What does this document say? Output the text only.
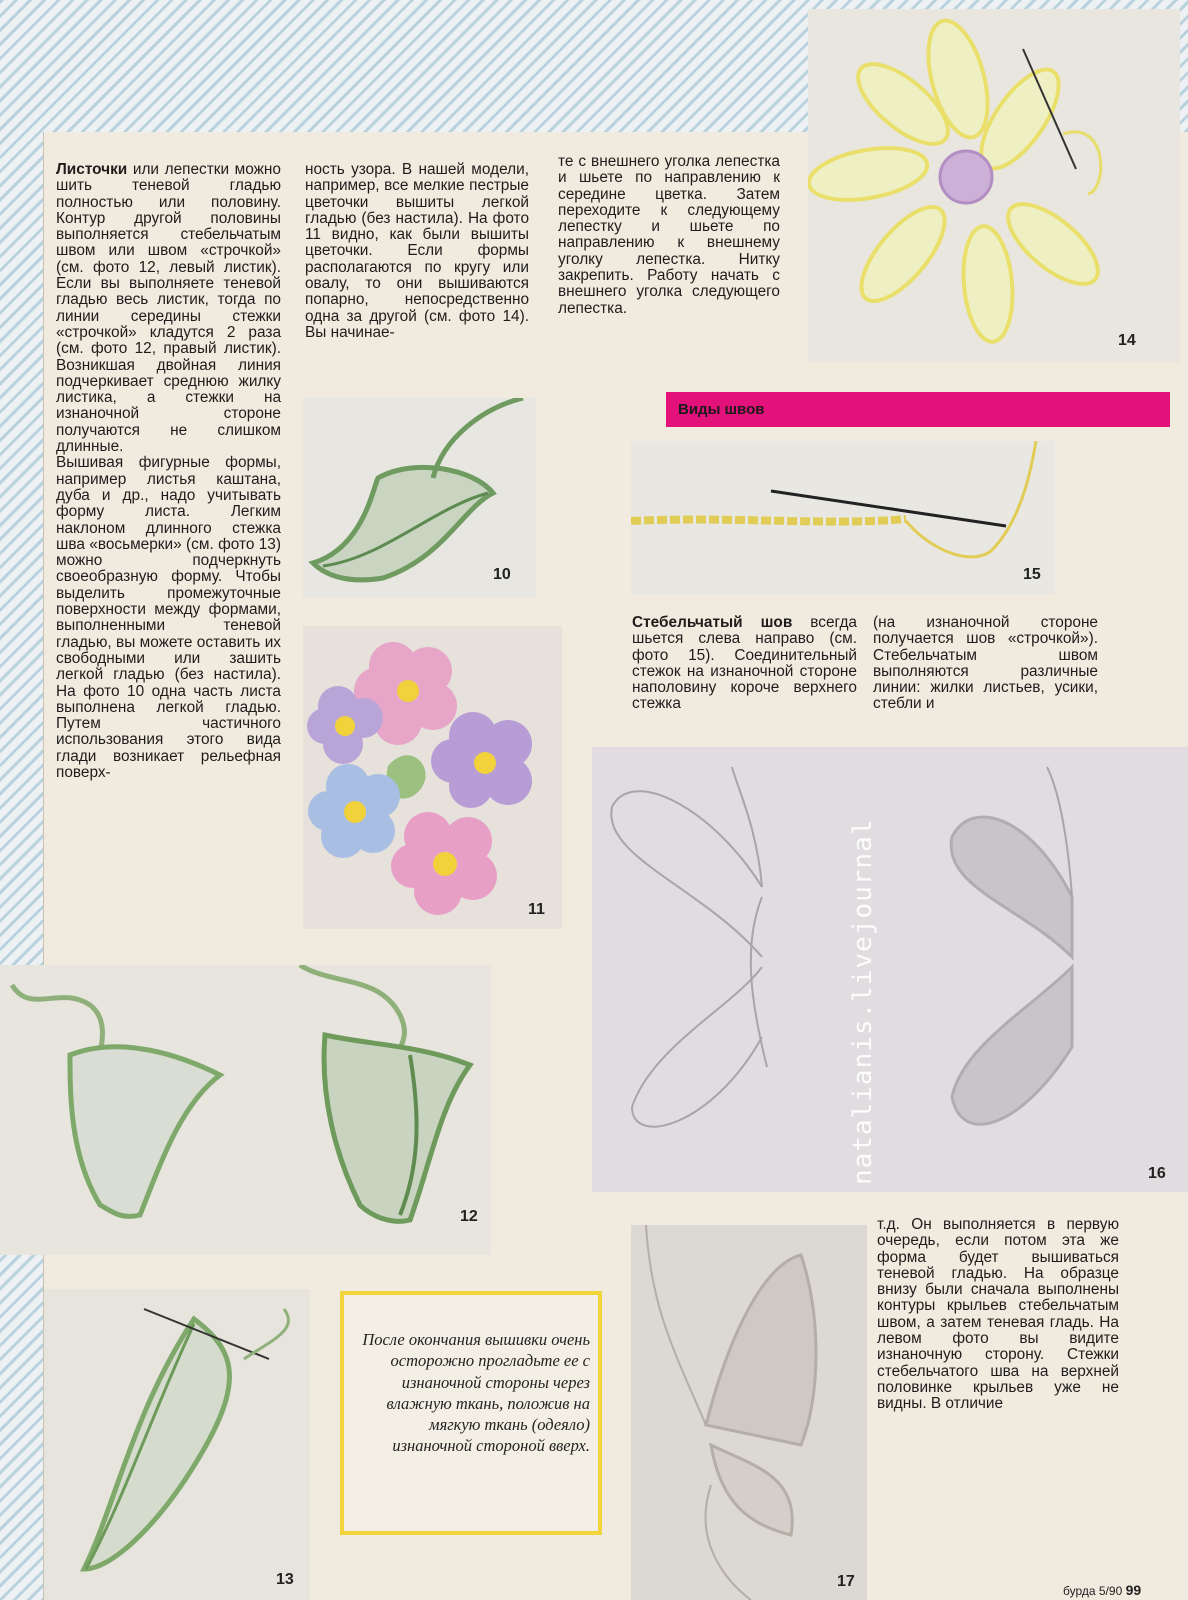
Листочки или лепестки можно шить теневой гладью полностью или половину. Контур другой половины выполняется стебельчатым швом или швом «строчкой» (см. фото 12, левый листик). Если вы выполняете теневой гладью весь листик, тогда по линии середины стежки «строчкой» кладутся 2 раза (см. фото 12, правый листик). Возникшая двойная линия подчеркивает среднюю жилку листика, а стежки на изнаночной стороне получаются не слишком длинные.

Вышивая фигурные формы, например листья каштана, дуба и др., надо учитывать форму листа. Легким наклоном длинного стежка шва «восьмерки» (см. фото 13) можно подчеркнуть своеобразную форму. Чтобы выделить промежуточные поверхности между формами, выполненными теневой гладью, вы можете оставить их свободными или зашить легкой гладью (без настила). На фото 10 одна часть листа выполнена легкой гладью. Путем частичного использования этого вида глади возникает рельефная поверх-

ность узора. В нашей модели, например, все мелкие пестрые цветочки вышиты легкой гладью (без настила). На фото 11 видно, как были вышиты цветочки. Если формы располагаются по кругу или овалу, то они вышиваются попарно, непосредственно одна за другой (см. фото 14). Вы начинае-

те с внешнего уголка лепестка и шьете по направлению к середине цветка. Затем переходите к следующему лепестку и шьете по направлению к внешнему уголку лепестка. Нитку закрепить. Работу начать с внешнего уголка следующего лепестка.

14
10
11
12
13

После окончания вышивки очень осторожно прогладьте ее с изнаночной стороны через влажную ткань, положив на мягкую ткань (одеяло) изнаночной стороной вверх.

Виды швов
15

Стебельчатый шов всегда шьется слева направо (см. фото 15). Соединительный стежок на изнаночной стороне наполовину короче верхнего стежка

(на изнаночной стороне получается шов «строчкой»). Стебельчатым швом выполняются различные линии: жилки листьев, усики, стебли и

16
natalianis.livejournal
17

т.д. Он выполняется в первую очередь, если потом эта же форма будет вышиваться теневой гладью. На образце внизу были сначала выполнены контуры крыльев стебельчатым швом, а затем теневая гладь. На левом фото вы видите изнаночную сторону. Стежки стебельчатого шва на верхней половинке крыльев уже не видны. В отличие

бурда 5/90 99
